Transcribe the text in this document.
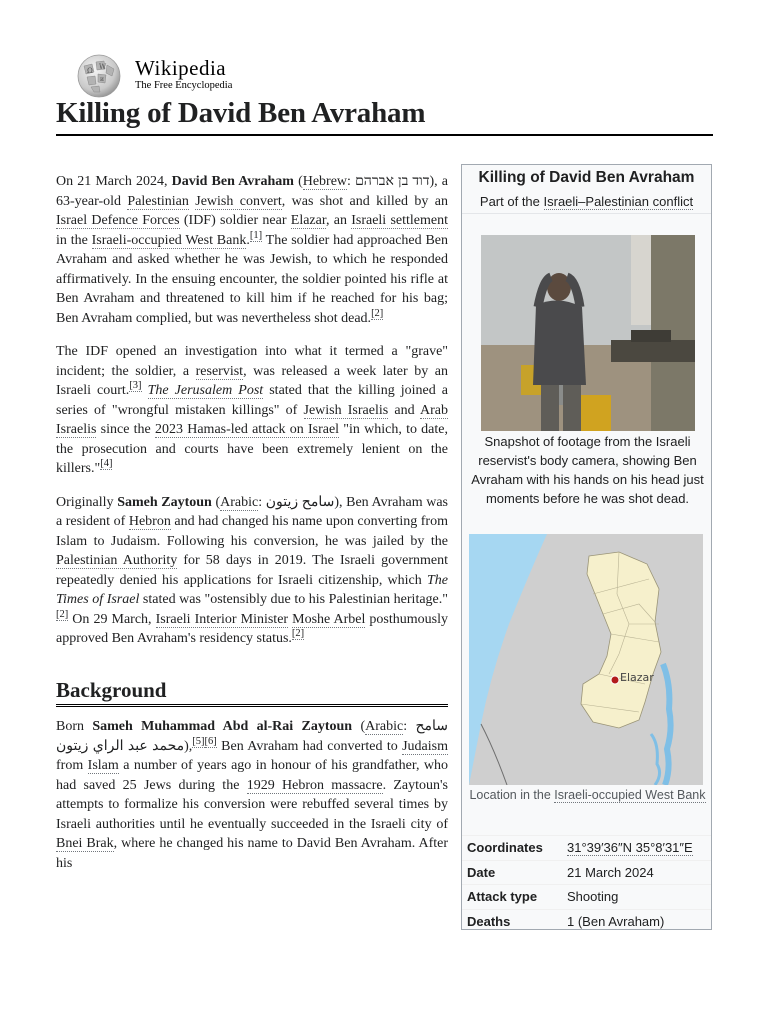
Ω W
и Wikipedia
The Free Encyclopedia
Killing of David Ben Avraham

On 21 March 2024, David Ben Avraham (Hebrew: דוד בן אברהם), a 63-year-old Palestinian Jewish convert, was shot and killed by an Israel Defence Forces (IDF) soldier near Elazar, an Israeli settlement in the Israeli-occupied West Bank.[1] The soldier had approached Ben Avraham and asked whether he was Jewish, to which he responded affirmatively. In the ensuing encounter, the soldier pointed his rifle at Ben Avraham and threatened to kill him if he reached for his bag; Ben Avraham complied, but was nevertheless shot dead.[2]

The IDF opened an investigation into what it termed a "grave" incident; the soldier, a reservist, was released a week later by an Israeli court.[3] The Jerusalem Post stated that the killing joined a series of "wrongful mistaken killings" of Jewish Israelis and Arab Israelis since the 2023 Hamas-led attack on Israel "in which, to date, the prosecution and courts have been extremely lenient on the killers."[4]

Originally Sameh Zaytoun (Arabic: سامح زيتون), Ben Avraham was a resident of Hebron and had changed his name upon converting from Islam to Judaism. Following his conversion, he was jailed by the Palestinian Authority for 58 days in 2019. The Israeli government repeatedly denied his applications for Israeli citizenship, which The Times of Israel stated was "ostensibly due to his Palestinian heritage."[2] On 29 March, Israeli Interior Minister Moshe Arbel posthumously approved Ben Avraham's residency status.[2]

Background

Born Sameh Muhammad Abd al-Rai Zaytoun (Arabic: سامح محمد عبد الراي زيتون),[5][6] Ben Avraham had converted to Judaism from Islam a number of years ago in honour of his grandfather, who had saved 25 Jews during the 1929 Hebron massacre. Zaytoun's attempts to formalize his conversion were rebuffed several times by Israeli authorities until he eventually succeeded in the Israeli city of Bnei Brak, where he changed his name to David Ben Avraham. After his

Killing of David Ben Avraham
Part of the Israeli–Palestinian conflict
Snapshot of footage from the Israeli reservist's body camera, showing Ben Avraham with his hands on his head just moments before he was shot dead.
Elazar
Location in the Israeli-occupied West Bank
Coordinates	31°39′36″N 35°8′31″E
Date	21 March 2024
Attack type	Shooting
Deaths	1 (Ben Avraham)
